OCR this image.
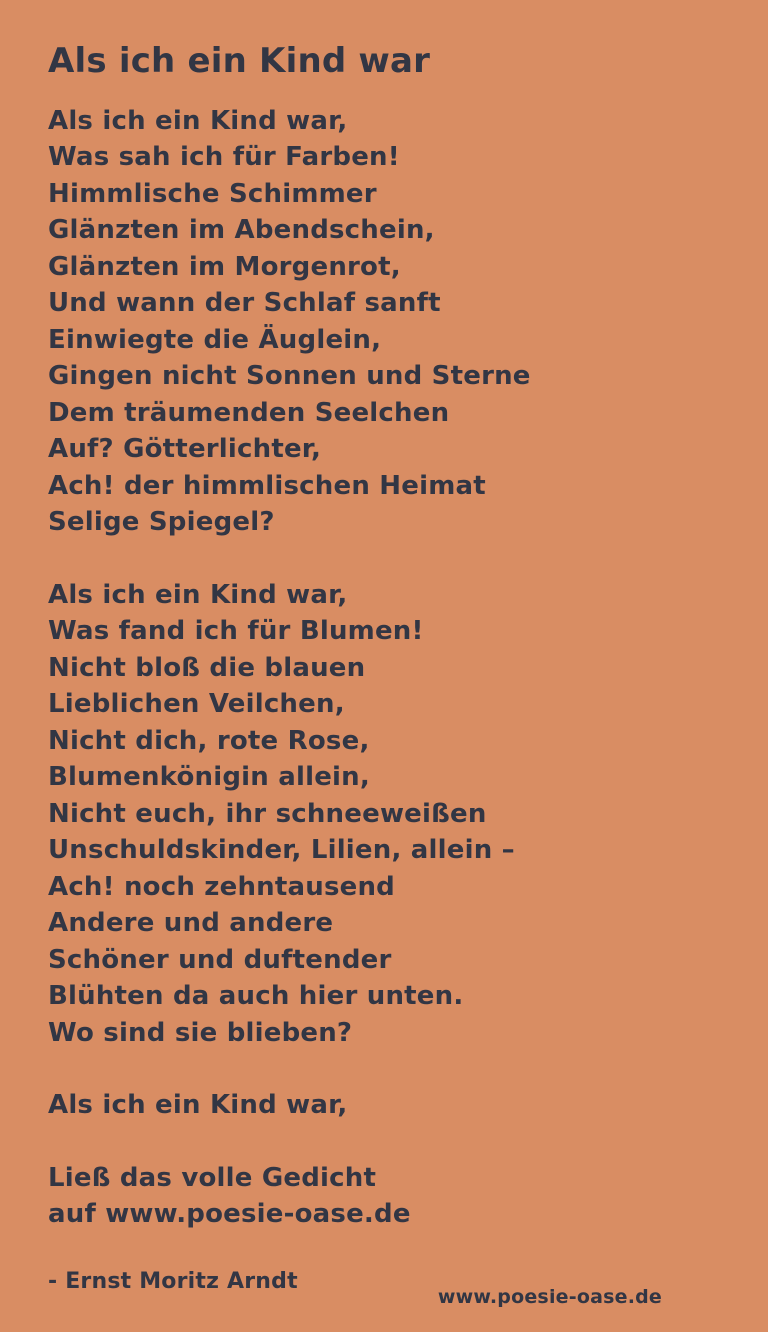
Als ich ein Kind war
Als ich ein Kind war,
Was sah ich für Farben!
Himmlische Schimmer
Glänzten im Abendschein,
Glänzten im Morgenrot,
Und wann der Schlaf sanft
Einwiegte die Äuglein,
Gingen nicht Sonnen und Sterne
Dem träumenden Seelchen
Auf? Götterlichter,
Ach! der himmlischen Heimat
Selige Spiegel?
Als ich ein Kind war,
Was fand ich für Blumen!
Nicht bloß die blauen
Lieblichen Veilchen,
Nicht dich, rote Rose,
Blumenkönigin allein,
Nicht euch, ihr schneeweißen
Unschuldskinder, Lilien, allein –
Ach! noch zehntausend
Andere und andere
Schöner und duftender
Blühten da auch hier unten.
Wo sind sie blieben?
Als ich ein Kind war,
Ließ das volle Gedicht
auf www.poesie-oase.de
- Ernst Moritz Arndt
www.poesie-oase.de
